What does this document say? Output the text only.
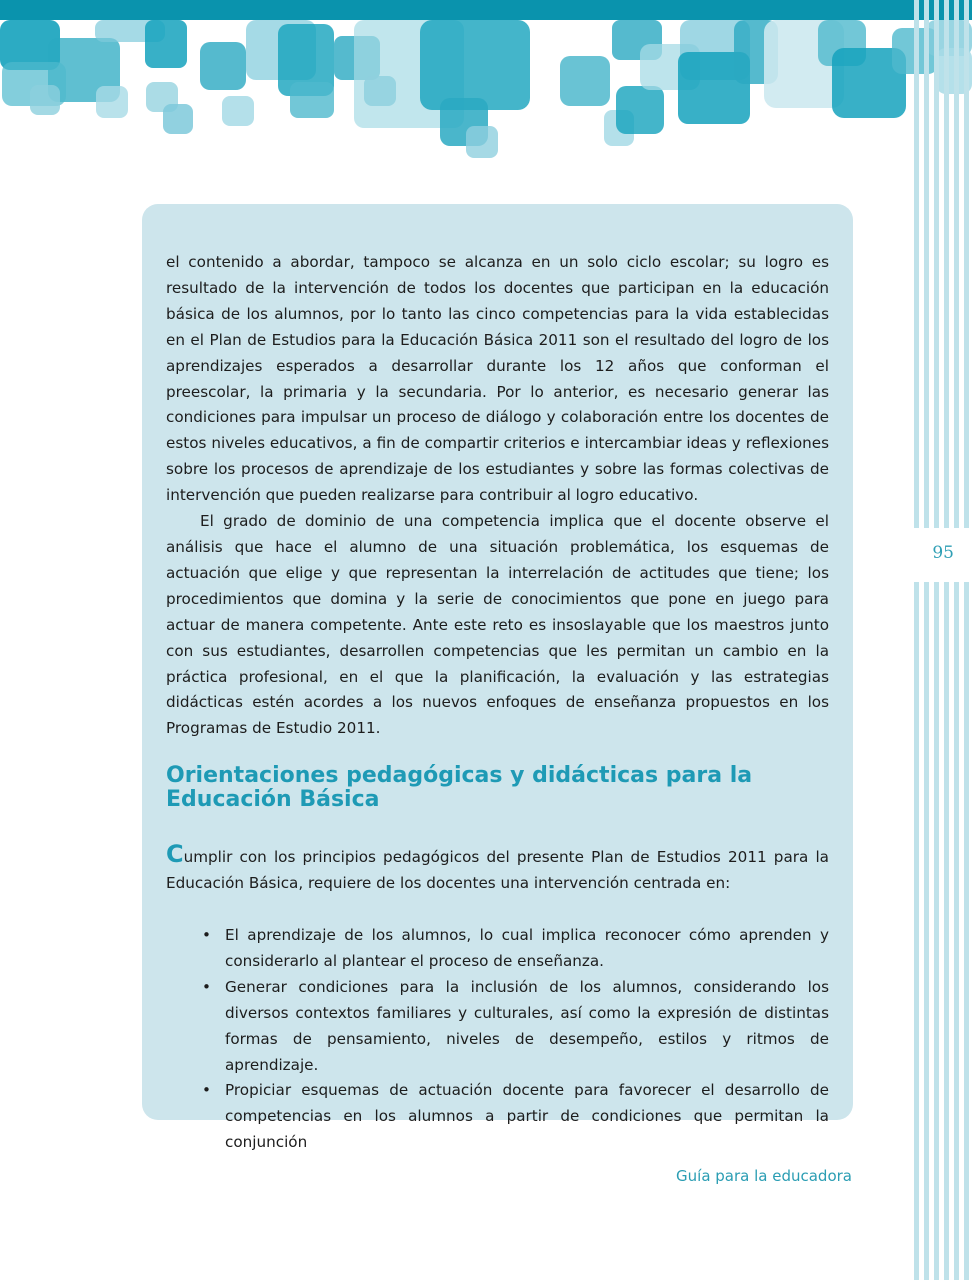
95

el contenido a abordar, tampoco se alcanza en un solo ciclo escolar; su logro es resultado de la intervención de todos los docentes que participan en la educación básica de los alumnos, por lo tanto las cinco competencias para la vida establecidas en el Plan de Estudios para la Educación Básica 2011 son el resultado del logro de los aprendizajes esperados a desarrollar durante los 12 años que conforman el preescolar, la primaria y la secundaria. Por lo anterior, es necesario generar las condiciones para impulsar un proceso de diálogo y colaboración entre los docentes de estos niveles educativos, a fin de compartir criterios e intercambiar ideas y reflexiones sobre los procesos de aprendizaje de los estudiantes y sobre las formas colectivas de intervención que pueden realizarse para contribuir al logro educativo.

El grado de dominio de una competencia implica que el docente observe el análisis que hace el alumno de una situación problemática, los esquemas de actuación que elige y que representan la interrelación de actitudes que tiene; los procedimientos que domina y la serie de conocimientos que pone en juego para actuar de manera competente. Ante este reto es insoslayable que los maestros junto con sus estudiantes, desarrollen competencias que les permitan un cambio en la práctica profesional, en el que la planificación, la evaluación y las estrategias didácticas estén acordes a los nuevos enfoques de enseñanza propuestos en los Programas de Estudio 2011.

Orientaciones pedagógicas y didácticas para la Educación Básica

Cumplir con los principios pedagógicos del presente Plan de Estudios 2011 para la Educación Básica, requiere de los docentes una intervención centrada en:

• El aprendizaje de los alumnos, lo cual implica reconocer cómo aprenden y considerarlo al plantear el proceso de enseñanza.
• Generar condiciones para la inclusión de los alumnos, considerando los diversos contextos familiares y culturales, así como la expresión de distintas formas de pensamiento, niveles de desempeño, estilos y ritmos de aprendizaje.
• Propiciar esquemas de actuación docente para favorecer el desarrollo de competencias en los alumnos a partir de condiciones que permitan la conjunción
Guía para la educadora
